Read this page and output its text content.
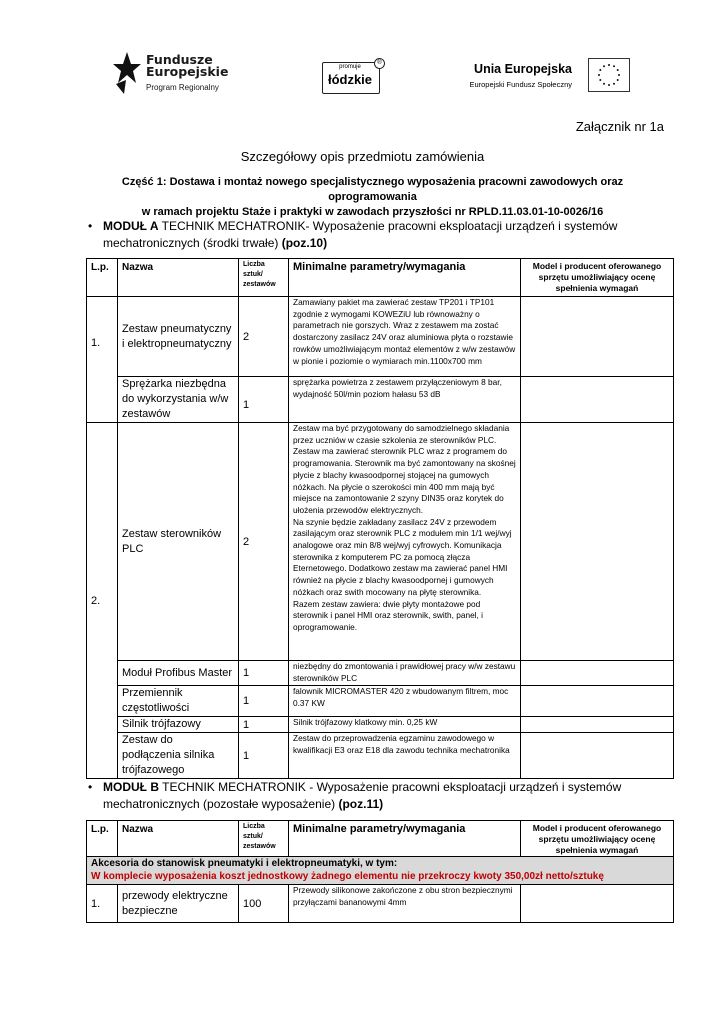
Fundusze
Europejskie
Program Regionalny
promuje
łódzkie
®	Unia Europejska
Europejski Fundusz Społeczny
Załącznik nr 1a
Szczegółowy opis przedmiotu zamówienia
Część 1: Dostawa i montaż nowego specjalistycznego wyposażenia pracowni zawodowych oraz oprogramowania
w ramach projektu Staże i praktyki w zawodach przyszłości nr RPLD.11.03.01-10-0026/16
• MODUŁ A TECHNIK MECHATRONIK- Wyposażenie pracowni eksploatacji urządzeń i systemów mechatronicznych (środki trwałe) (poz.10)
L.p.	Nazwa	Liczba sztuk/ zestawów	Minimalne parametry/wymagania	Model i producent oferowanego sprzętu umożliwiający ocenę spełnienia wymagań
1.	Zestaw pneumatyczny i elektropneumatyczny	2	Zamawiany pakiet ma zawierać zestaw TP201 i TP101 zgodnie z wymogami KOWEZiU lub równoważny o parametrach nie gorszych. Wraz z zestawem ma zostać dostarczony zasilacz 24V oraz aluminiowa płyta o rozstawie rowków umożliwiającym montaż elementów z w/w zestawów w pionie i poziomie o wymiarach min.1100x700 mm	
	Sprężarka niezbędna do wykorzystania w/w zestawów	1	sprężarka powietrza z zestawem przyłączeniowym 8 bar, wydajność 50l/min poziom hałasu 53 dB	
2.	Zestaw sterowników PLC	2	Zestaw ma być przygotowany do samodzielnego składania przez uczniów w czasie szkolenia ze sterowników PLC. Zestaw ma zawierać sterownik PLC wraz z programem do programowania. Sterownik ma być zamontowany na skośnej płycie z blachy kwasoodpornej stojącej na gumowych nóżkach. Na płycie o szerokości min 400 mm mają być miejsce na zamontowanie 2 szyny DIN35 oraz korytek do ułożenia przewodów elektrycznych.
Na szynie będzie zakładany zasilacz 24V z przewodem zasilającym oraz sterownik PLC z modułem min 1/1 wej/wyj analogowe oraz min 8/8 wej/wyj cyfrowych. Komunikacja sterownika z komputerem PC za pomocą złącza Eternetowego. Dodatkowo zestaw ma zawierać panel HMI również na płycie z blachy kwasoodpornej i gumowych nóżkach oraz swith mocowany na płytę sterownika.
Razem zestaw zawiera: dwie płyty montażowe pod sterownik i panel HMI oraz sterownik, swith, panel, i oprogramowanie.	
	Moduł Profibus Master	1	niezbędny do zmontowania i prawidłowej pracy w/w zestawu sterowników PLC	
	Przemiennik częstotliwości	1	falownik MICROMASTER 420 z wbudowanym filtrem, moc 0.37 KW	
	Silnik trójfazowy	1	Silnik trójfazowy klatkowy min. 0,25 kW	
	Zestaw do podłączenia silnika trójfazowego	1	Zestaw do przeprowadzenia egzaminu zawodowego w kwalifikacji E3 oraz E18 dla zawodu technika mechatronika	
• MODUŁ B TECHNIK MECHATRONIK - Wyposażenie pracowni eksploatacji urządzeń i systemów mechatronicznych (pozostałe wyposażenie) (poz.11)
L.p.	Nazwa	Liczba sztuk/ zestawów	Minimalne parametry/wymagania	Model i producent oferowanego sprzętu umożliwiający ocenę spełnienia wymagań

Akcesoria do stanowisk pneumatyki i elektropneumatyki, w tym:
W komplecie wyposażenia koszt jednostkowy żadnego elementu nie przekroczy kwoty 350,00zł netto/sztukę				

1.	przewody elektryczne bezpieczne	100	Przewody silikonowe zakończone z obu stron bezpiecznymi przyłączami bananowymi 4mm	
